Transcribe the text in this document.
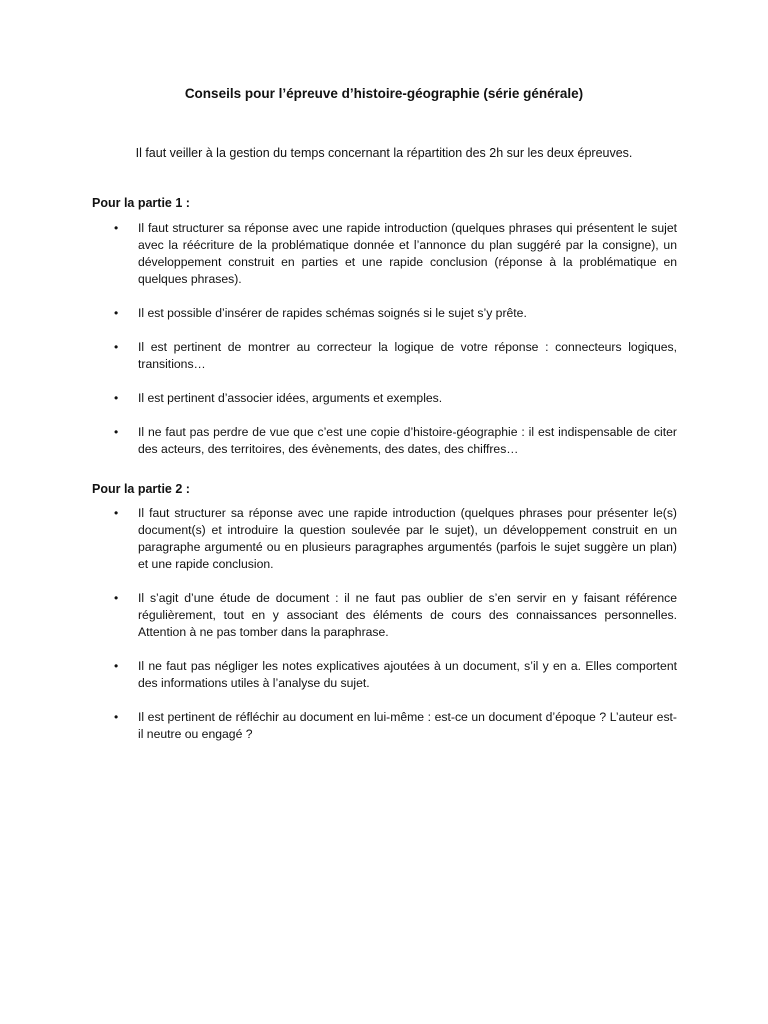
Conseils pour l’épreuve d’histoire-géographie (série générale)

Il faut veiller à la gestion du temps concernant la répartition des 2h sur les deux épreuves.

Pour la partie 1 :
• Il faut structurer sa réponse avec une rapide introduction (quelques phrases qui présentent le sujet avec la réécriture de la problématique donnée et l’annonce du plan suggéré par la consigne), un développement construit en parties et une rapide conclusion (réponse à la problématique en quelques phrases).
• Il est possible d’insérer de rapides schémas soignés si le sujet s’y prête.
• Il est pertinent de montrer au correcteur la logique de votre réponse : connecteurs logiques, transitions…
• Il est pertinent d’associer idées, arguments et exemples.
• Il ne faut pas perdre de vue que c’est une copie d’histoire-géographie : il est indispensable de citer des acteurs, des territoires, des évènements, des dates, des chiffres…
Pour la partie 2 :
• Il faut structurer sa réponse avec une rapide introduction (quelques phrases pour présenter le(s) document(s) et introduire la question soulevée par le sujet), un développement construit en un paragraphe argumenté ou en plusieurs paragraphes argumentés (parfois le sujet suggère un plan) et une rapide conclusion.
• Il s’agit d’une étude de document : il ne faut pas oublier de s’en servir en y faisant référence régulièrement, tout en y associant des éléments de cours des connaissances personnelles. Attention à ne pas tomber dans la paraphrase.
• Il ne faut pas négliger les notes explicatives ajoutées à un document, s’il y en a. Elles comportent des informations utiles à l’analyse du sujet.
• Il est pertinent de réfléchir au document en lui-même : est-ce un document d’époque ? L’auteur est-il neutre ou engagé ?
